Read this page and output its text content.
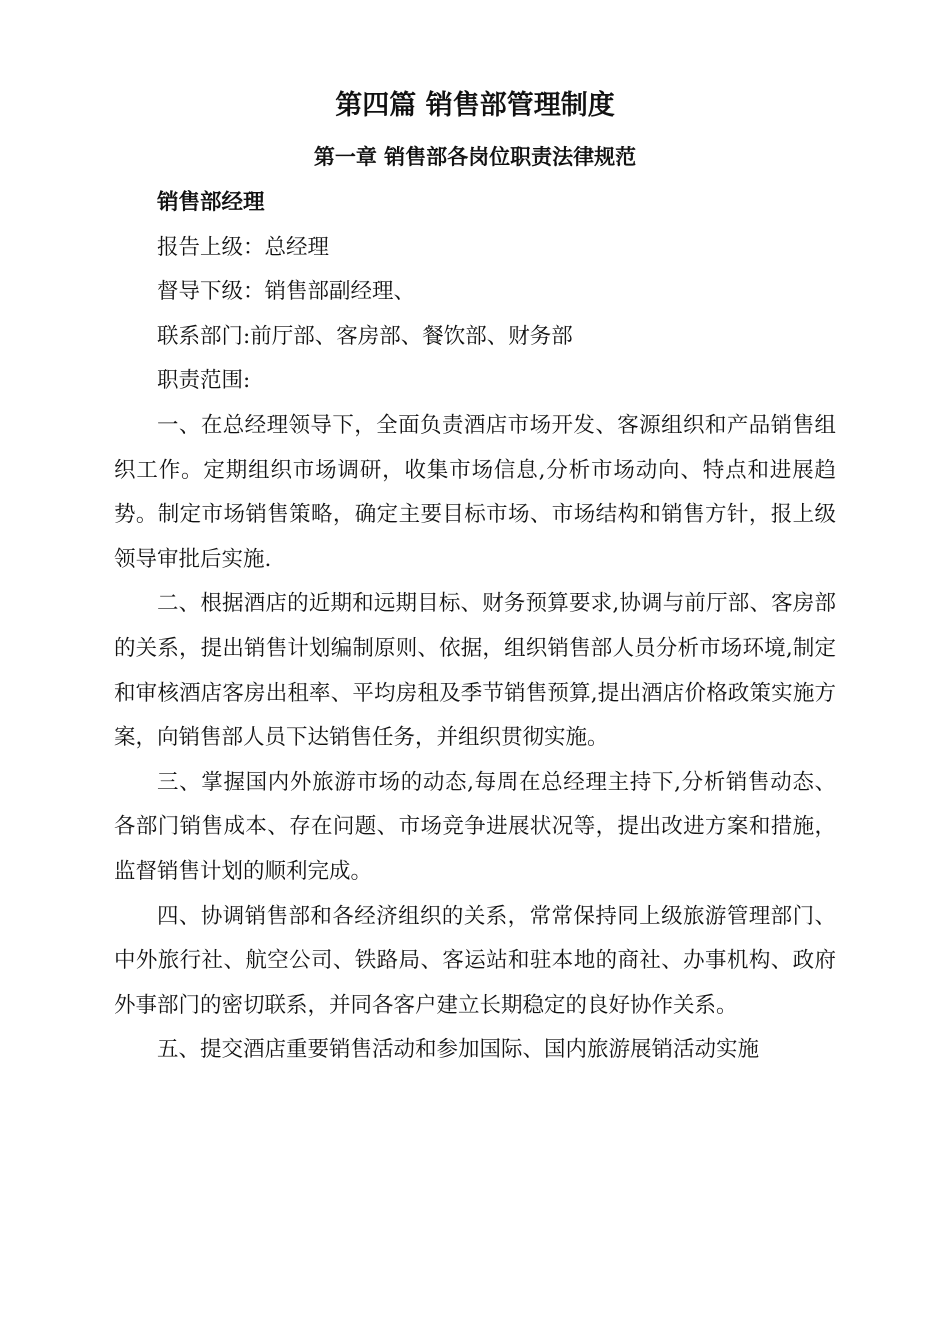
第四篇 销售部管理制度
第一章 销售部各岗位职责法律规范

销售部经理

报告上级：总经理

督导下级：销售部副经理、

联系部门:前厅部、客房部、餐饮部、财务部

职责范围:

一、在总经理领导下，全面负责酒店市场开发、客源组织和产品销售组织工作。定期组织市场调研，收集市场信息,分析市场动向、特点和进展趋势。制定市场销售策略，确定主要目标市场、市场结构和销售方针，报上级领导审批后实施.

二、根据酒店的近期和远期目标、财务预算要求,协调与前厅部、客房部的关系，提出销售计划编制原则、依据，组织销售部人员分析市场环境,制定和审核酒店客房出租率、平均房租及季节销售预算,提出酒店价格政策实施方案，向销售部人员下达销售任务，并组织贯彻实施。

三、掌握国内外旅游市场的动态,每周在总经理主持下,分析销售动态、各部门销售成本、存在问题、市场竞争进展状况等，提出改进方案和措施，监督销售计划的顺利完成。

四、协调销售部和各经济组织的关系，常常保持同上级旅游管理部门、中外旅行社、航空公司、铁路局、客运站和驻本地的商社、办事机构、政府外事部门的密切联系，并同各客户建立长期稳定的良好协作关系。

五、提交酒店重要销售活动和参加国际、国内旅游展销活动实施
